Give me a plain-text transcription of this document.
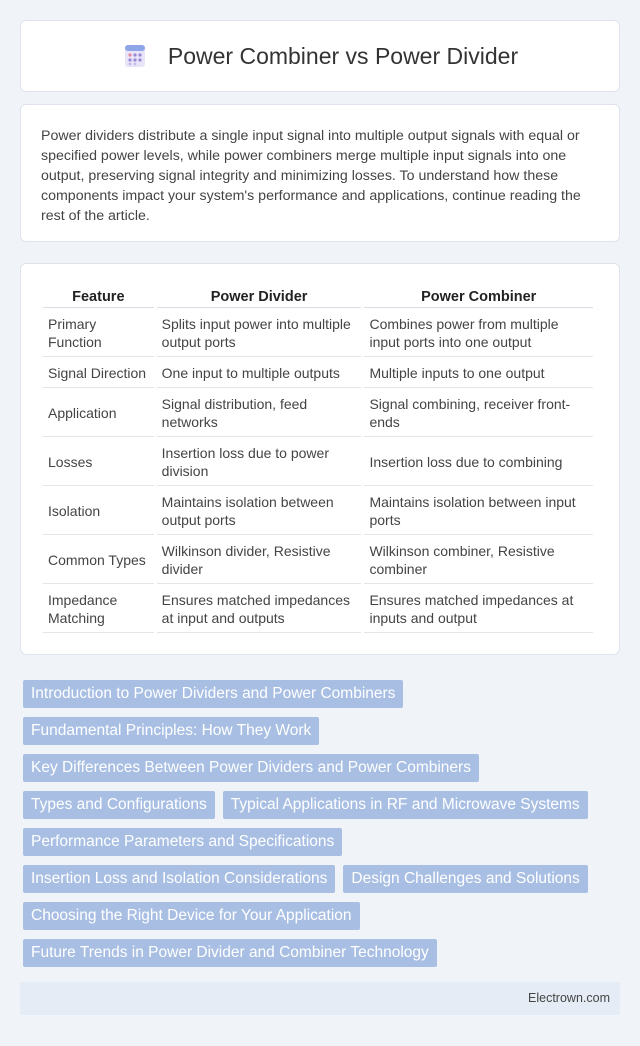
Power Combiner vs Power Divider

Power dividers distribute a single input signal into multiple output signals with equal or specified power levels, while power combiners merge multiple input signals into one output, preserving signal integrity and minimizing losses. To understand how these components impact your system's performance and applications, continue reading the rest of the article.

Feature	Power Divider	Power Combiner
Primary Function	Splits input power into multiple output ports	Combines power from multiple input ports into one output
Signal Direction	One input to multiple outputs	Multiple inputs to one output
Application	Signal distribution, feed networks	Signal combining, receiver front-ends
Losses	Insertion loss due to power division	Insertion loss due to combining
Isolation	Maintains isolation between output ports	Maintains isolation between input ports
Common Types	Wilkinson divider, Resistive divider	Wilkinson combiner, Resistive combiner
Impedance Matching	Ensures matched impedances at input and outputs	Ensures matched impedances at inputs and output
Introduction to Power Dividers and Power Combiners
Fundamental Principles: How They Work
Key Differences Between Power Dividers and Power Combiners
Types and Configurations	Typical Applications in RF and Microwave Systems
Performance Parameters and Specifications
Insertion Loss and Isolation Considerations	Design Challenges and Solutions
Choosing the Right Device for Your Application
Future Trends in Power Divider and Combiner Technology
Electrown.com
